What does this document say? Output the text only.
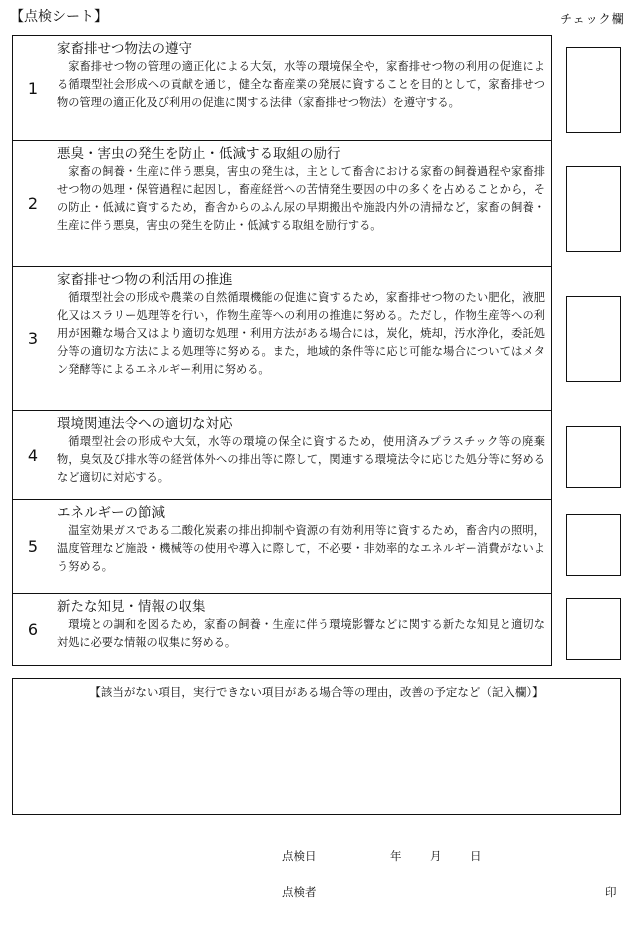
【点検シート】	チェック欄
1

家畜排せつ物法の遵守

家畜排せつ物の管理の適正化による大気，水等の環境保全や，家畜排せつ物の利用の促進による循環型社会形成への貢献を通じ，健全な畜産業の発展に資することを目的として，家畜排せつ物の管理の適正化及び利用の促進に関する法律（家畜排せつ物法）を遵守する。

2

悪臭・害虫の発生を防止・低減する取組の励行

家畜の飼養・生産に伴う悪臭，害虫の発生は，主として畜舎における家畜の飼養過程や家畜排せつ物の処理・保管過程に起因し，畜産経営への苦情発生要因の中の多くを占めることから，その防止・低減に資するため，畜舎からのふん尿の早期搬出や施設内外の清掃など，家畜の飼養・生産に伴う悪臭，害虫の発生を防止・低減する取組を励行する。

3

家畜排せつ物の利活用の推進

循環型社会の形成や農業の自然循環機能の促進に資するため，家畜排せつ物のたい肥化，液肥化又はスラリー処理等を行い，作物生産等への利用の推進に努める。ただし，作物生産等への利用が困難な場合又はより適切な処理・利用方法がある場合には，炭化，焼却，汚水浄化，委託処分等の適切な方法による処理等に努める。また，地域的条件等に応じ可能な場合についてはメタン発酵等によるエネルギー利用に努める。

4

環境関連法令への適切な対応

循環型社会の形成や大気，水等の環境の保全に資するため，使用済みプラスチック等の廃棄物，臭気及び排水等の経営体外への排出等に際して，関連する環境法令に応じた処分等に努めるなど適切に対応する。

5

エネルギーの節減

温室効果ガスである二酸化炭素の排出抑制や資源の有効利用等に資するため，畜舎内の照明，温度管理など施設・機械等の使用や導入に際して，不必要・非効率的なエネルギー消費がないよう努める。

6

新たな知見・情報の収集

環境との調和を図るため，家畜の飼養・生産に伴う環境影響などに関する新たな知見と適切な対処に必要な情報の収集に努める。

【該当がない項目，実行できない項目がある場合等の理由，改善の予定など（記入欄）】
点検日	年 月 日
点検者	印
